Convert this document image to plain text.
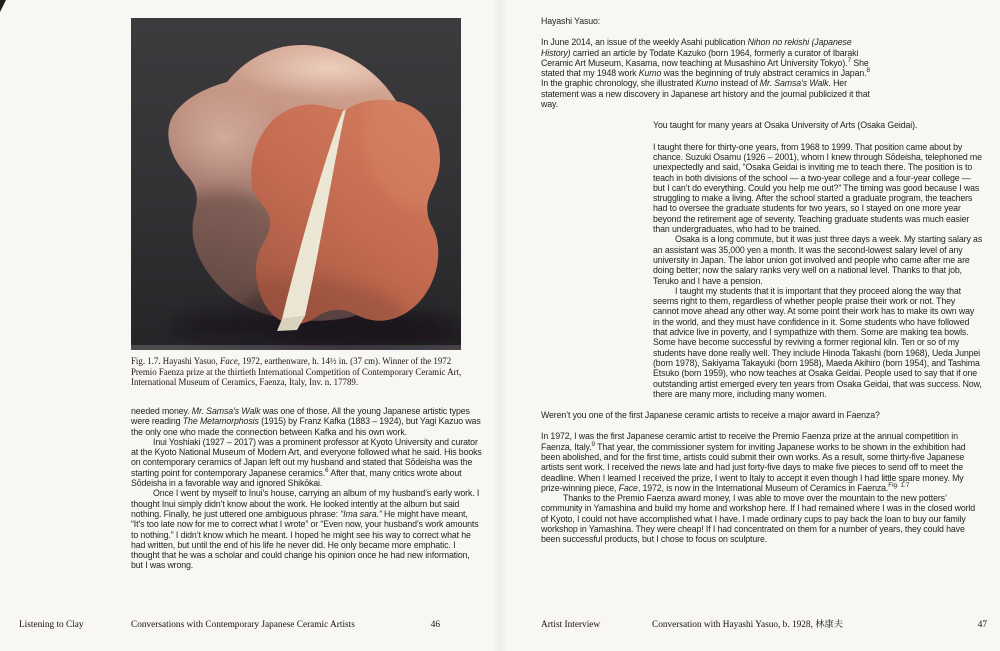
Fig. 1.7. Hayashi Yasuo, Face, 1972, earthenware, h. 14½ in. (37 cm). Winner of the 1972 Premio Faenza prize at the thirtieth International Competition of Contemporary Ceramic Art, International Museum of Ceramics, Faenza, Italy, Inv. n. 17789.

needed money. Mr. Samsa’s Walk was one of those. All the young Japanese artistic types were reading The Metamorphosis (1915) by Franz Kafka (1883 – 1924), but Yagi Kazuo was the only one who made the connection between Kafka and his own work.

Inui Yoshiaki (1927 – 2017) was a prominent professor at Kyoto University and curator at the Kyoto National Museum of Modern Art, and everyone followed what he said. His books on contemporary ceramics of Japan left out my husband and stated that Sōdeisha was the starting point for contemporary Japanese ceramics.$^6$ After that, many critics wrote about Sōdeisha in a favorable way and ignored Shikōkai.

Once I went by myself to Inui’s house, carrying an album of my husband’s early work. I thought Inui simply didn’t know about the work. He looked intently at the album but said nothing. Finally, he just uttered one ambiguous phrase: “Ima sara.” He might have meant, “It’s too late now for me to correct what I wrote” or “Even now, your husband’s work amounts to nothing.” I didn’t know which he meant. I hoped he might see his way to correct what he had written, but until the end of his life he never did. He only became more emphatic. I thought that he was a scholar and could change his opinion once he had new information, but I was wrong.

Listening to Clay	Conversations with Contemporary Japanese Ceramic Artists	46

Hayashi Yasuo:

In June 2014, an issue of the weekly Asahi publication Nihon no rekishi (Japanese History) carried an article by Todate Kazuko (born 1964, formerly a curator of Ibaraki Ceramic Art Museum, Kasama, now teaching at Musashino Art University Tokyo).$^7$ She stated that my 1948 work Kumo was the beginning of truly abstract ceramics in Japan.$^8$ In the graphic chronology, she illustrated Kumo instead of Mr. Samsa’s Walk. Her statement was a new discovery in Japanese art history and the journal publicized it that way.

You taught for many years at Osaka University of Arts (Osaka Geidai).

I taught there for thirty-one years, from 1968 to 1999. That position came about by chance. Suzuki Osamu (1926 – 2001), whom I knew through Sōdeisha, telephoned me unexpectedly and said, “Osaka Geidai is inviting me to teach there. The position is to teach in both divisions of the school — a two-year college and a four-year college — but I can’t do everything. Could you help me out?” The timing was good because I was struggling to make a living. After the school started a graduate program, the teachers had to oversee the graduate students for two years, so I stayed on one more year beyond the retirement age of seventy. Teaching graduate students was much easier than undergraduates, who had to be trained.

Osaka is a long commute, but it was just three days a week. My starting salary as an assistant was 35,000 yen a month. It was the second-lowest salary level of any university in Japan. The labor union got involved and people who came after me are doing better; now the salary ranks very well on a national level. Thanks to that job, Teruko and I have a pension.

I taught my students that it is important that they proceed along the way that seems right to them, regardless of whether people praise their work or not. They cannot move ahead any other way. At some point their work has to make its own way in the world, and they must have confidence in it. Some students who have followed that advice live in poverty, and I sympathize with them. Some are making tea bowls. Some have become successful by reviving a former regional kiln. Ten or so of my students have done really well. They include Hinoda Takashi (born 1968), Ueda Junpei (born 1978), Sakiyama Takayuki (born 1958), Maeda Akihiro (born 1954), and Tashima Etsuko (born 1959), who now teaches at Osaka Geidai. People used to say that if one outstanding artist emerged every ten years from Osaka Geidai, that was success. Now, there are many more, including many women.

Weren’t you one of the first Japanese ceramic artists to receive a major award in Faenza?

In 1972, I was the first Japanese ceramic artist to receive the Premio Faenza prize at the annual competition in Faenza, Italy.$^9$ That year, the commissioner system for inviting Japanese works to be shown in the exhibition had been abolished, and for the first time, artists could submit their own works. As a result, some thirty-five Japanese artists sent work. I received the news late and had just forty-five days to make five pieces to send off to meet the deadline. When I learned I received the prize, I went to Italy to accept it even though I had little spare money. My prize-winning piece, Face, 1972, is now in the International Museum of Ceramics in Faenza.$^{Fig. 1.7}$

Thanks to the Premio Faenza award money, I was able to move over the mountain to the new potters’ community in Yamashina and build my home and workshop here. If I had remained where I was in the closed world of Kyoto, I could not have accomplished what I have. I made ordinary cups to pay back the loan to buy our family workshop in Yamashina. They were cheap! If I had concentrated on them for a number of years, they could have been successful products, but I chose to focus on sculpture.

Artist Interview	Conversation with Hayashi Yasuo, b. 1928, 林康夫	47
